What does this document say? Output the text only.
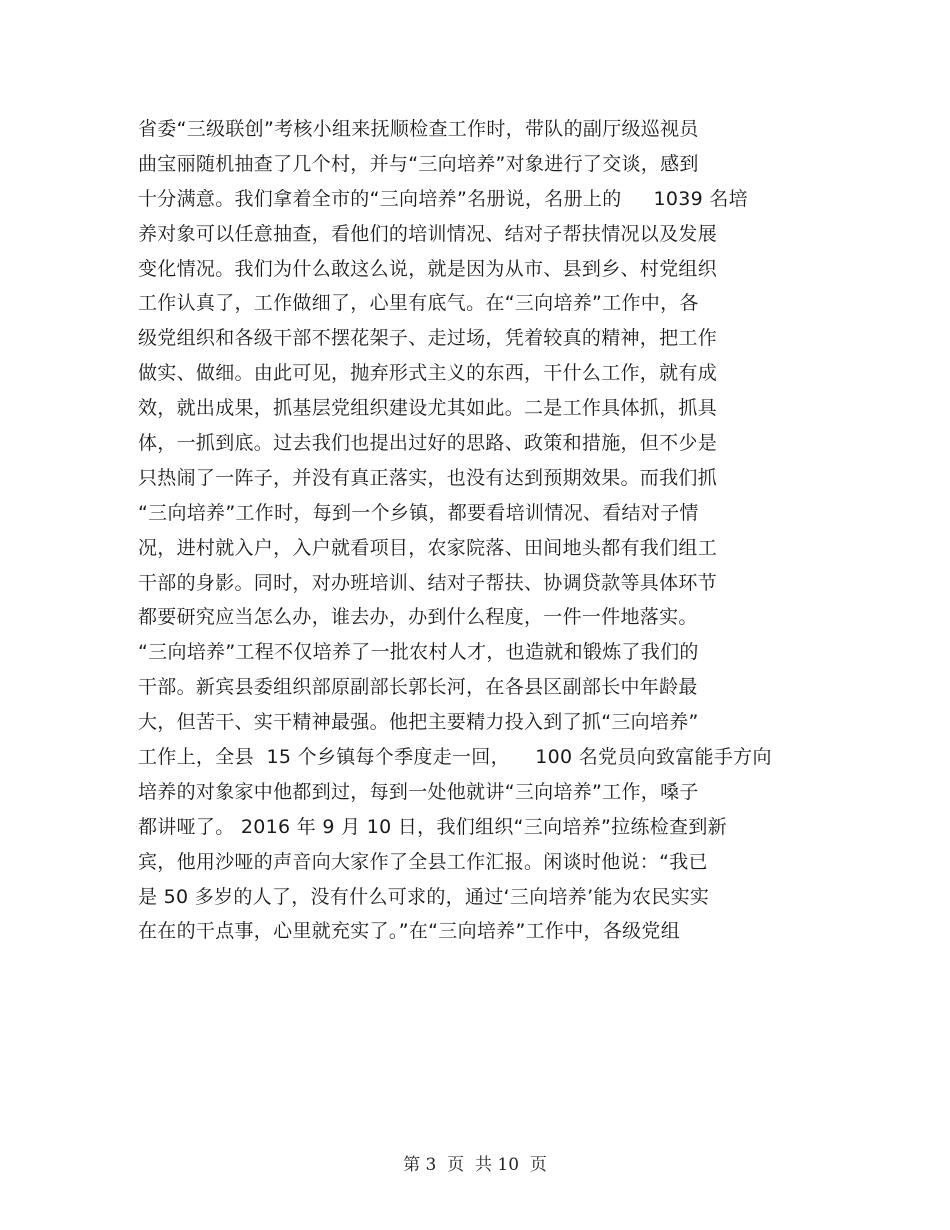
省委“三级联创”考核小组来抚顺检查工作时，带队的副厅级巡视员
曲宝丽随机抽查了几个村，并与“三向培养”对象进行了交谈，感到
十分满意。我们拿着全市的“三向培养”名册说，名册上的　  1039 名培
养对象可以任意抽查，看他们的培训情况、结对子帮扶情况以及发展
变化情况。我们为什么敢这么说，就是因为从市、县到乡、村党组织
工作认真了，工作做细了，心里有底气。在“三向培养”工作中，各
级党组织和各级干部不摆花架子、走过场，凭着较真的精神，把工作
做实、做细。由此可见，抛弃形式主义的东西，干什么工作，就有成
效，就出成果，抓基层党组织建设尤其如此。二是工作具体抓，抓具
体，一抓到底。过去我们也提出过好的思路、政策和措施，但不少是
只热闹了一阵子，并没有真正落实，也没有达到预期效果。而我们抓
“三向培养”工作时，每到一个乡镇，都要看培训情况、看结对子情
况，进村就入户，入户就看项目，农家院落、田间地头都有我们组工
干部的身影。同时，对办班培训、结对子帮扶、协调贷款等具体环节
都要研究应当怎么办，谁去办，办到什么程度，一件一件地落实。
“三向培养”工程不仅培养了一批农村人才，也造就和锻炼了我们的
干部。新宾县委组织部原副部长郭长河，在各县区副部长中年龄最
大，但苦干、实干精神最强。他把主要精力投入到了抓“三向培养”
工作上，全县  15 个乡镇每个季度走一回，    100 名党员向致富能手方向
培养的对象家中他都到过，每到一处他就讲“三向培养”工作，嗓子
都讲哑了。 2016 年 9 月 10 日，我们组织“三向培养”拉练检查到新
宾，他用沙哑的声音向大家作了全县工作汇报。闲谈时他说：“我已
是 50 多岁的人了，没有什么可求的，通过‘三向培养’能为农民实实
在在的干点事，心里就充实了。”在“三向培养”工作中，各级党组
第 3  页  共 10  页
